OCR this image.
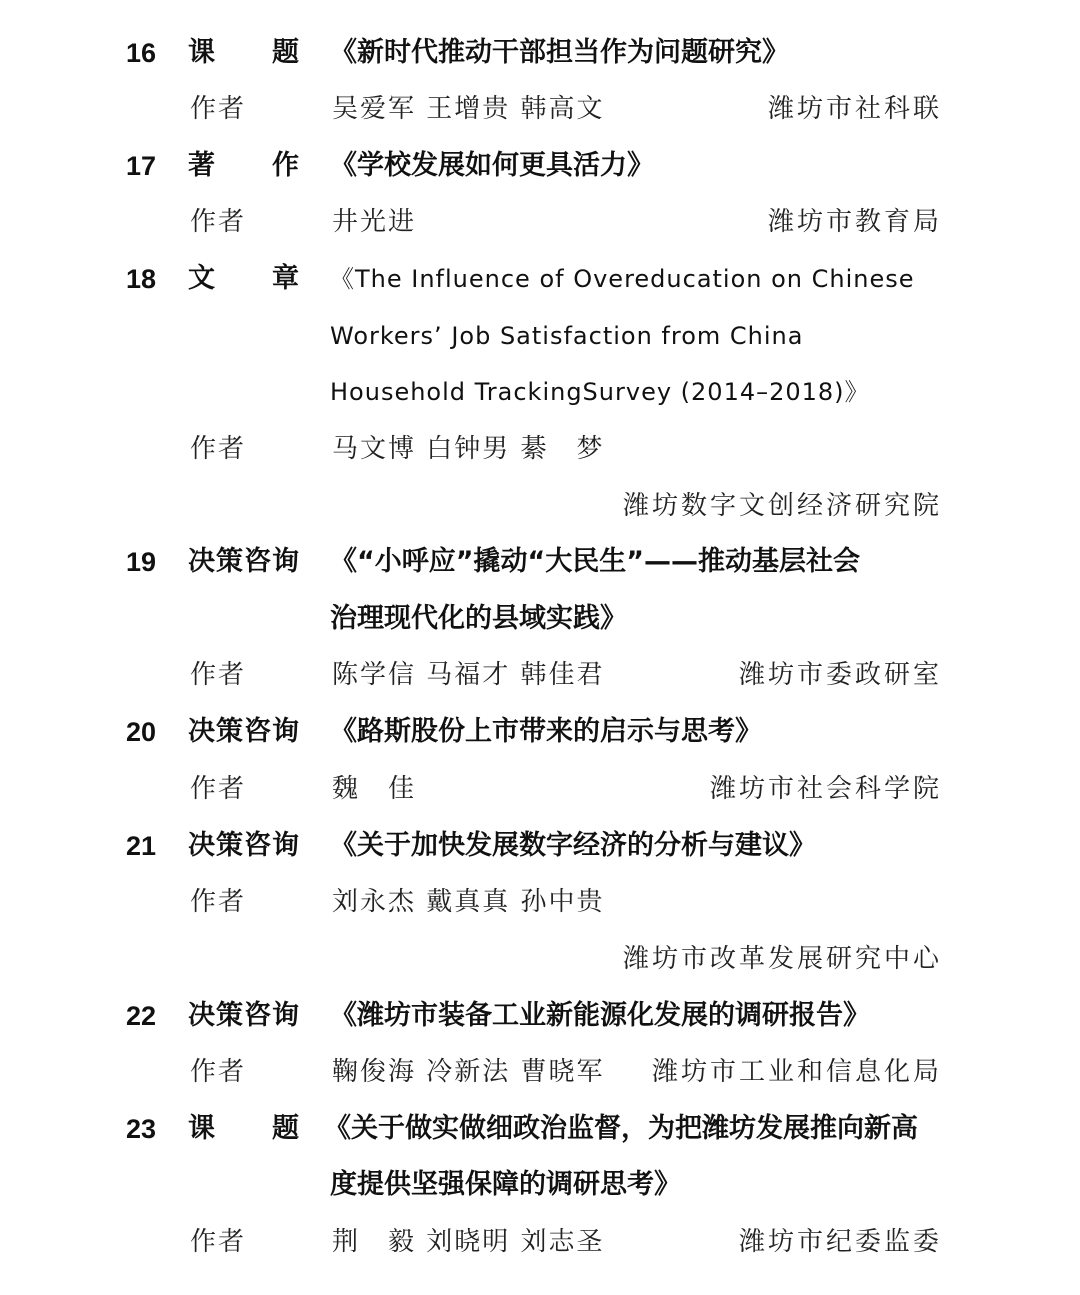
16 课　　题 《新时代推动干部担当作为问题研究》
作者	吴爱军 王增贵 韩高文	潍坊市社科联
17 著　　作 《学校发展如何更具活力》
作者	井光进	潍坊市教育局
18 文　　章 《The Influence of Overeducation on Chinese
Workers’ Job Satisfaction from China
Household TrackingSurvey (2014–2018)》
作者	马文博 白钟男 綦　梦
潍坊数字文创经济研究院
19 决策咨询 《“小呼应”撬动“大民生”——推动基层社会
治理现代化的县域实践》
作者	陈学信 马福才 韩佳君	潍坊市委政研室
20 决策咨询 《路斯股份上市带来的启示与思考》
作者	魏　佳	潍坊市社会科学院
21 决策咨询 《关于加快发展数字经济的分析与建议》
作者	刘永杰 戴真真 孙中贵
潍坊市改革发展研究中心
22 决策咨询 《潍坊市装备工业新能源化发展的调研报告》
作者	鞠俊海 冷新法 曹晓军 潍坊市工业和信息化局
23 课　　题 《关于做实做细政治监督，为把潍坊发展推向新高
度提供坚强保障的调研思考》
作者	荆　毅 刘晓明 刘志圣	潍坊市纪委监委
